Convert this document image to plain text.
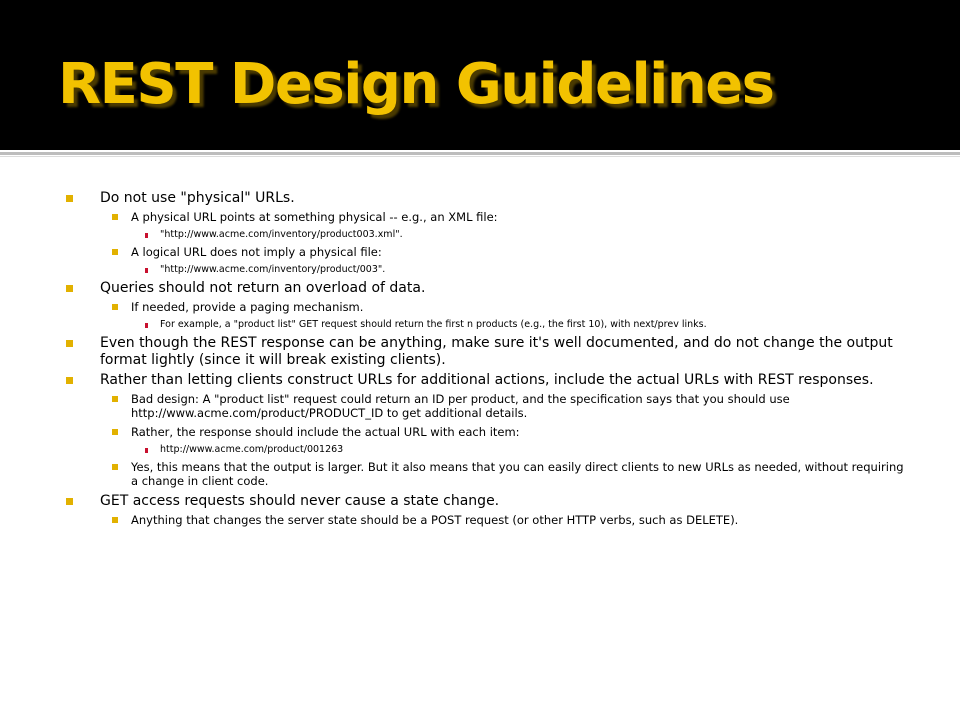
REST Design Guidelines
Do not use "physical" URLs.
A physical URL points at something physical -- e.g., an XML file:
"http://www.acme.com/inventory/product003.xml".
A logical URL does not imply a physical file:
"http://www.acme.com/inventory/product/003".
Queries should not return an overload of data.
If needed, provide a paging mechanism.
For example, a "product list" GET request should return the first n products (e.g., the first 10), with next/prev links.
Even though the REST response can be anything, make sure it's well documented, and do not change the output format lightly (since it will break existing clients).
Rather than letting clients construct URLs for additional actions, include the actual URLs with REST responses.
Bad design: A "product list" request could return an ID per product, and the specification says that you should use http://www.acme.com/product/PRODUCT_ID to get additional details.
Rather, the response should include the actual URL with each item:
http://www.acme.com/product/001263
Yes, this means that the output is larger. But it also means that you can easily direct clients to new URLs as needed, without requiring a change in client code.
GET access requests should never cause a state change.
Anything that changes the server state should be a POST request (or other HTTP verbs, such as DELETE).
